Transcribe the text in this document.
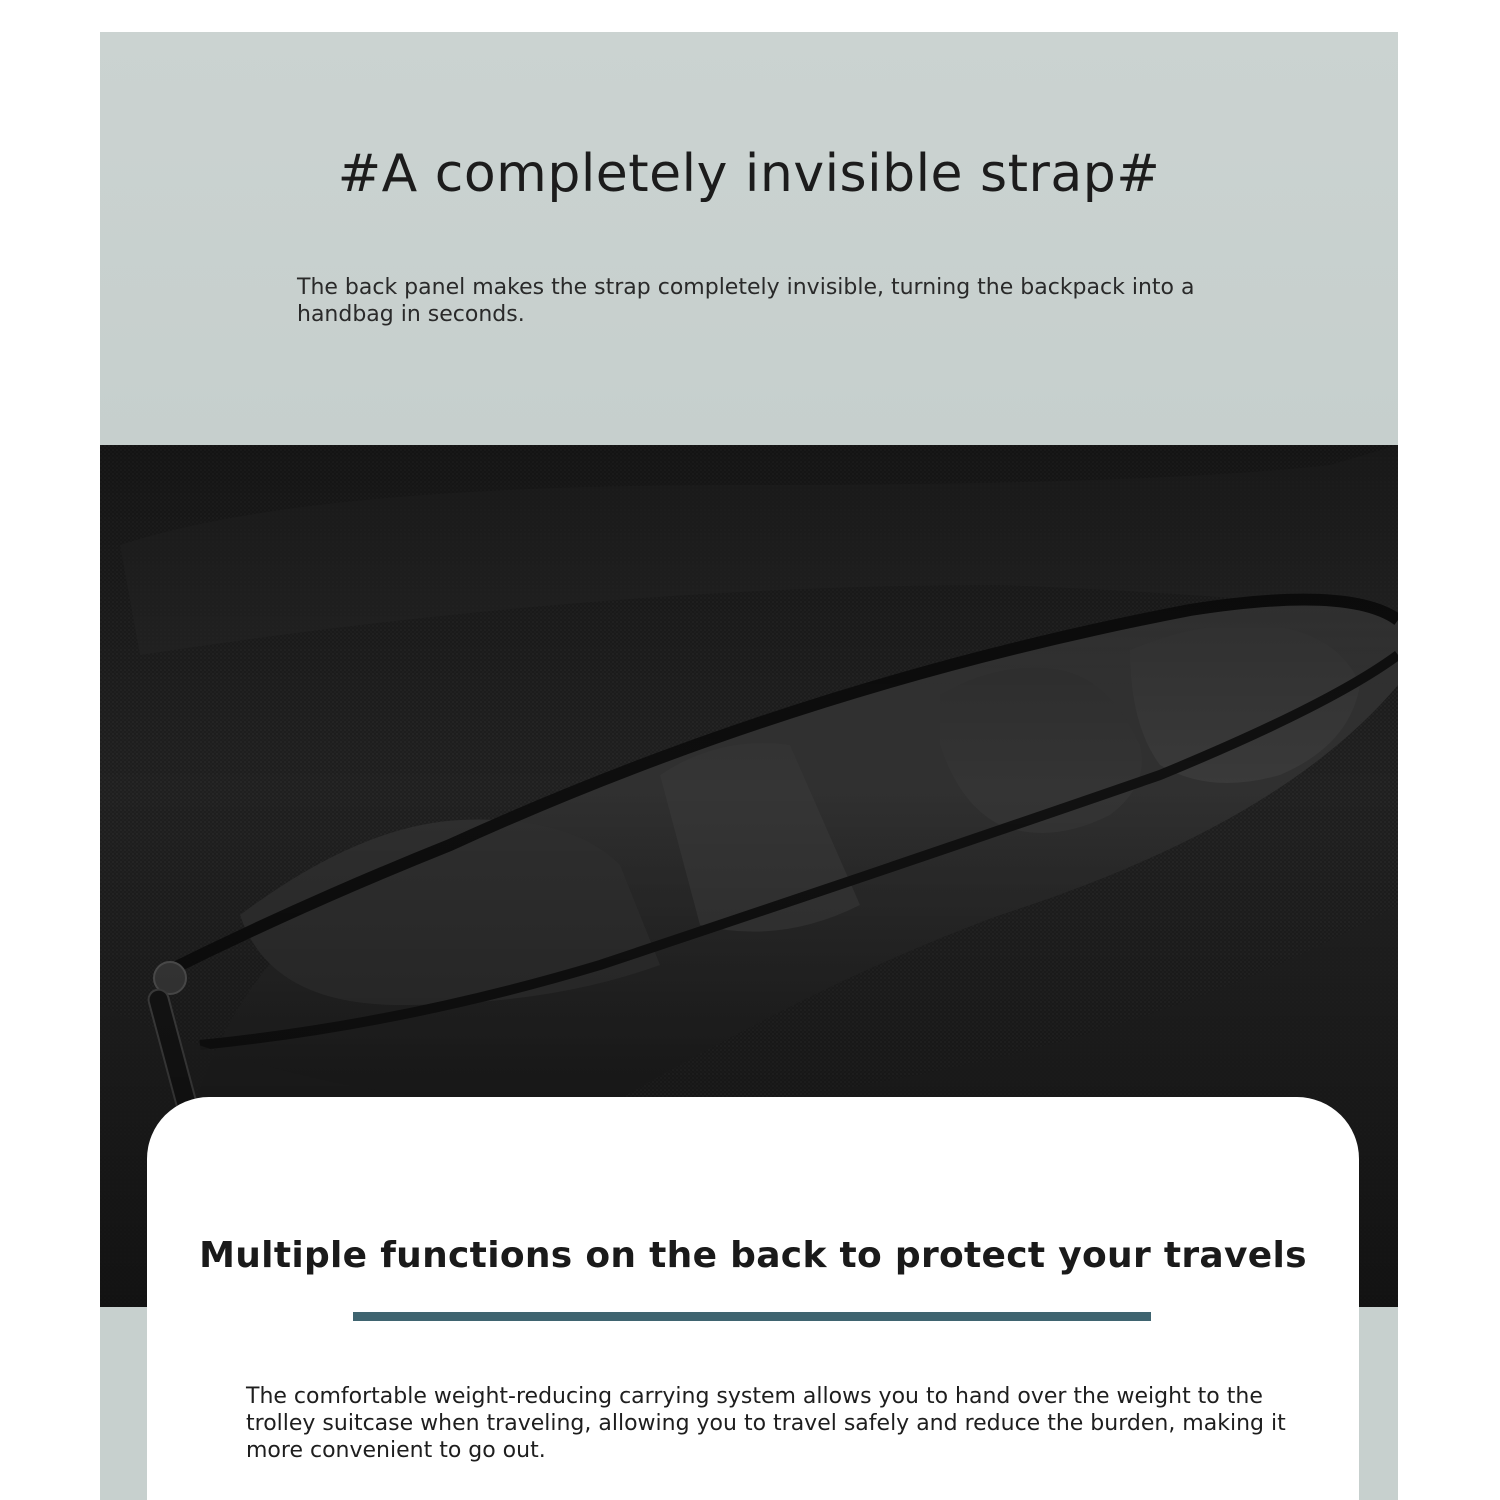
#A completely invisible strap#

The back panel makes the strap completely invisible, turning the backpack into a handbag in seconds.

Multiple functions on the back to protect your travels

The comfortable weight-reducing carrying system allows you to hand over the weight to the trolley suitcase when traveling, allowing you to travel safely and reduce the burden, making it more convenient to go out.
